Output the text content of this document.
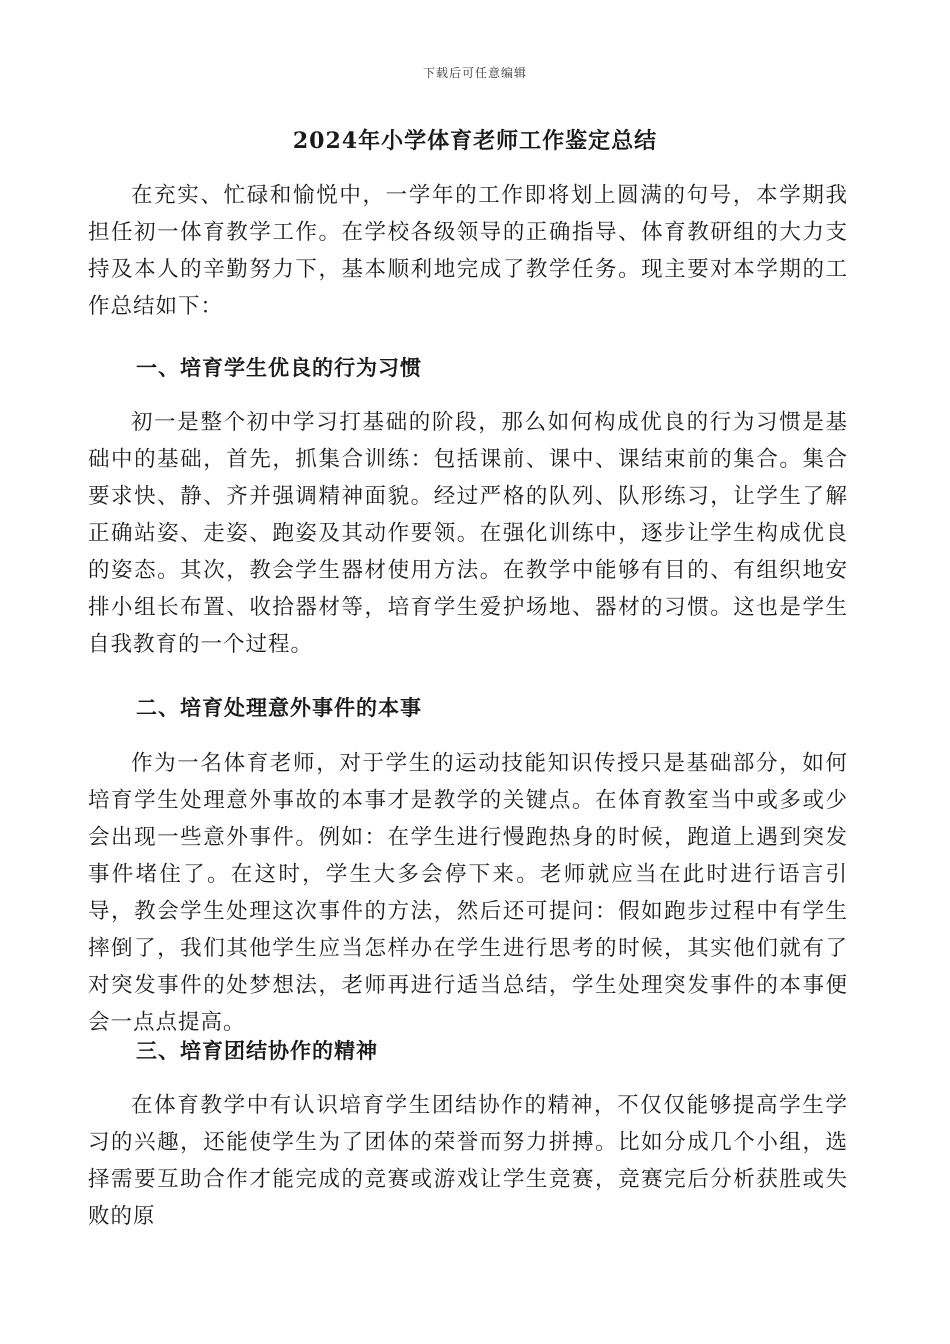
下载后可任意编辑
2024年小学体育老师工作鉴定总结

在充实、忙碌和愉悦中，一学年的工作即将划上圆满的句号，本学期我担任初一体育教学工作。在学校各级领导的正确指导、体育教研组的大力支持及本人的辛勤努力下，基本顺利地完成了教学任务。现主要对本学期的工作总结如下：

一、培育学生优良的行为习惯

初一是整个初中学习打基础的阶段，那么如何构成优良的行为习惯是基础中的基础，首先，抓集合训练：包括课前、课中、课结束前的集合。集合要求快、静、齐并强调精神面貌。经过严格的队列、队形练习，让学生了解正确站姿、走姿、跑姿及其动作要领。在强化训练中，逐步让学生构成优良的姿态。其次，教会学生器材使用方法。在教学中能够有目的、有组织地安排小组长布置、收拾器材等，培育学生爱护场地、器材的习惯。这也是学生自我教育的一个过程。

二、培育处理意外事件的本事

作为一名体育老师，对于学生的运动技能知识传授只是基础部分，如何培育学生处理意外事故的本事才是教学的关键点。在体育教室当中或多或少会出现一些意外事件。例如：在学生进行慢跑热身的时候，跑道上遇到突发事件堵住了。在这时，学生大多会停下来。老师就应当在此时进行语言引导，教会学生处理这次事件的方法，然后还可提问：假如跑步过程中有学生摔倒了，我们其他学生应当怎样办在学生进行思考的时候，其实他们就有了对突发事件的处梦想法，老师再进行适当总结，学生处理突发事件的本事便会一点点提高。

三、培育团结协作的精神

在体育教学中有认识培育学生团结协作的精神，不仅仅能够提高学生学习的兴趣，还能使学生为了团体的荣誉而努力拼搏。比如分成几个小组，选择需要互助合作才能完成的竞赛或游戏让学生竞赛，竞赛完后分析获胜或失败的原
